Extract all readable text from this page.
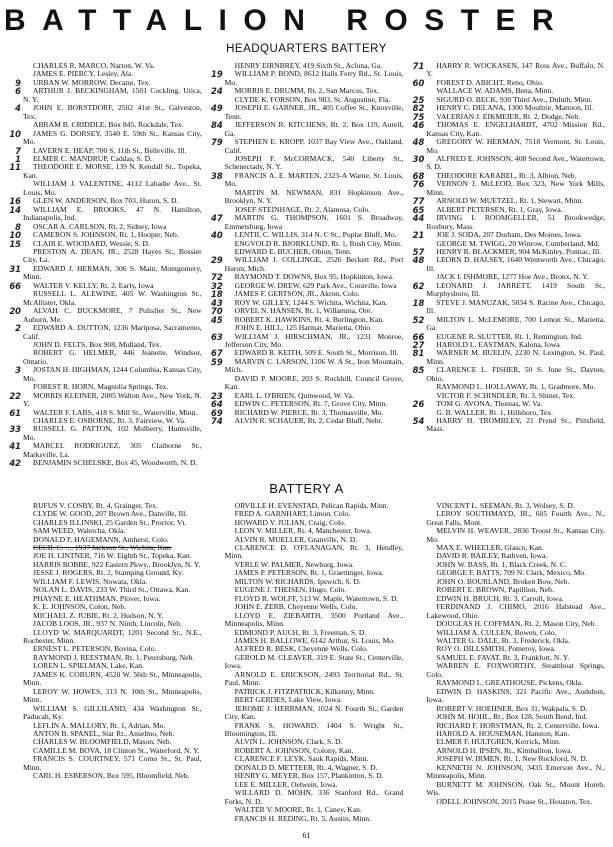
BATTALION ROSTER
HEADQUARTERS BATTERY

CHARLES R. MARCO, Narton, W. Va.

JAMES E. PIERCY, Lesley, Ala.

9 URBAN W. MORROW, Decatur, Tex.

6 ARTHUR J. BECKINGHAM, 1501 Cockling, Utica, N. Y.

4 JOHN E. BORSTDORF, 2502 41st St., Galveston, Tex.

ABRAM B. CRIDDLE, Box 845, Rockdale, Tex.

10 JAMES G. DORSEY, 3540 E. 59th St., Kansas City, Mo.

7 LAVERN E. HEAP, 700 S. 11th St., Belleville, Ill.

1 ELMER C. MANDRUP, Caddas, S. D.

11 THEODORE E. MORSE, 139 N. Kendall St., Topeka, Kan.

WILLIAM J. VALENTINE, 4112 Labadie Ave., St. Louis, Mo.

16 GLEN W. ANDERSON, Box 703, Huron, S. D.

14 WILLIAM E. BROOKS, 47 N. Hamilton, Indianapolis, Ind.

8 OSCAR A. CARLSON, Rt. 2, Sidney, Iowa

10 CAMERON S. JOHNSON, Rt. 1, Hooper, Neb.

15 CLAIR E. WOODARD, Wessie, S. D.

PRESTON A. DEAN, JR., 2528 Hayes St., Bossier City, La.

31 EDWARD J. HERMAN, 306 S. Main, Montgomery, Minn.

66 WALTER V. KELLY, Rt. 2, Early, Iowa

RUSSELL L. ALEWINE, 405 W. Washington St., McAllister, Okla.

20 ALVAH C. BUCKMORE, 7 Pulisfier St., New Auburn, Me.

2 EDWARD A. DUTTON, 1236 Mariposa, Sacramento, Calif.

JOHN D. FELTS, Box 908, Midland, Tex.

ROBERT G. HELMER, 446 Jeanette, Windsor, Ontario.

3 JOSTAN H. HIGHMAN, 1244 Columbia, Kansas City, Mo.

FOREST R. HORN, Magnolia Springs, Tex.

22 MORRIS KLEINER, 2085 Walton Ave., New York, N. Y.

61 WALTER F. LABS, 418 S. Mill St., Waterville, Minn.

CHARLES E. OSBORNE, Rt. 3, Fairview, W. Va.

33 RUSSELL G. PATTON, 102 Mulberry, Huntsville, Mo.

41 MARCEL RODRIGUEZ, 305 Claiborne St., Marksville, La.

42 BENJAMIN SCHELSKE, Box 45, Woodworth, N. D.

HENRY EIRNBREY, 419 Sixth St., Acluna, Ga.

19 WILLIAM P. BOND, 8612 Halls Ferry Rd., St. Louis, Mo.

24 MORRIS E. DRUMM, Rt. 2, San Marcos, Tex.

CLYDE K. FORSON, Box 983, St. Augustine, Fla.

49 JOSEPH E. GARNER, JR., 405 Coffee St., Knoxville, Tenn.

84 JEFFERSON R. KITCHENS, Rt. 2, Box 119, Aurell, Ga.

79 STEPHEN E. KROPP, 1037 Bay View Ave., Oakland, Calif.

JOSEPH F. McCORMACK, 540 Liberty St., Schenectady, N. Y.

38 FRANCIS A. E. MARTEN, 2323-A Warne, St. Louis, Mo.

MARTIN M. NEWMAN, 831 Hopkinson Ave., Brooklyn, N. Y.

JOSEF STEINHAGE, Rt. 2, Alamosa, Colo.

47 MARTIN G. THOMPSON, 1601 S. Broadway, Emmetsburg, Iowa

40 LENTIL C. WILLIS, 314 N. C St., Poplar Bluff, Mo.

ENGVOLD R. BJORKLUND, Rt. 1, Rush City, Minn.

EDWARD E. BUCHER, Obion, Tenn.

29 WILLIAM J. COLLINGE, 2526 Beckett Rd., Port Huron, Mich.

72 RAYMOND T. DOWNS, Box 95, Hopkinton, Iowa.

32 GEORGE W. DREW, 629 Park Ave., Coraville, Iowa

18 JAMES F. GERTSON, JR., Akron, Colo.

43 ROY W. GILLEY, 1244 S. Wichita, Wichita, Kan.

70 ORVEL N. HANSEN, Rt. 1, Willamina, Ore.

45 ROBERT K. HAWKINS, Rt. 4, Burlington, Kan.

JOHN E. HILL, 125 Harmar, Marietta, Ohio.

63 WILLIAM J. HIRSCHMAN, JR., 1231 Monroe, Jefferson City, Mo.

67 EDWARD R. KEITH, 509 E. South St., Morrison, Ill.

59 MARVIN C. LARSON, 1106 W. A St., Iron Mountain, Mich.

DAVID P. MOORE, 203 S. Rockhill, Council Grove, Kan.

23 EARL L. O'BRIEN, Quinwood, W. Va.

64 EDWIN C. PETERSON, Rt. 7, Grove City, Minn.

69 RICHARD W. PIERCE, Rt. 3, Thomasville, Mo.

74 ALVIN R. SCHAUER, Rt. 2, Cedar Bluff, Nebr.

71 HARRY R. WOCKASEN, 147 Ross Ave., Buffalo, N. Y.

60 FOREST D. ABICHT, Reno, Ohio.

WALLACE W. ADAMS, Bena, Minn.

25 SIGURD O. BECK, 930 Third Ave., Duluth, Minn.

82 HENRY C. DELANA, 1300 Moultrie, Mattoon, Ill.

75 VALERIAN J. EIKMEIER, Rt. 2, Dodge, Neb.

46 THOMAS E. ENGELHARDT, 4702 Mission Rd., Kansas City, Kan.

48 GREGORY W. HERMAN, 7518 Vermont, St. Louis, Mo.

30 ALFRED E. JOHNSON, 408 Second Ave., Watertown, S. D.

68 THEODORE KARABEL, Rt. 3, Albion, Neb.

76 VERNON J. McLEOD, Box 323, New York Mills, Minn.

77 ARNOLD W. MUETZEL, Rt. 1, Stewart, Minn.

65 ALBERT PETERSEN, Rt. 1, Gray, Iowa.

44 IRVING I. ROOMGELLER, 51 Brookwedge, Roxbury, Mass.

21 JOE J. SODA, 207 Durham, Des Moines, Iowa.

GEORGE M. TWIGG, 20 Winrow, Cumberland, Md.

57 HENRY R. BLACKMER, 904 McKinley, Pontiac, Ill.

48 LEORN D. HALSEY, 1640 Wentworth Ave., Chicago, Ill.

JACK I. ISHMORE, 1277 Hoe Ave., Bronx, N. Y.

62 LEONARD J. JARRETT, 1419 South St., Murphysboro, Ill.

18 STEVE J. MANUZAK, 5034 S. Racine Ave., Chicago, Ill.

52 MILTON L. McLEMORE, 700 Lemon St., Marietta, Ga.

66 EUGENE R. SLUTTER, Rt. 1, Remington, Ind.

27 HAROLD L. EASTMAN, Kalona, Iowa

81 WARNER M. BUELIN, 2230 N. Lexington, St. Paul, Minn.

85 CLARENCE L. FISHER, 50 S. June St., Dayton, Ohio.

RAYMOND L. HOLLAWAY, Rt. 1, Gradmore, Mo.

VICTOR F. SCHINDLER, Rt. 3, Shiner, Tex.

26 TOM G. AVONA, Thomas, W. Va.

G. B. WALLER, Rt. 1, Hillsboro, Tex.

54 HARRY H. TROMBLEY, 21 Prend St., Pittsfield, Mass.

BATTERY A

RUFUS V. COSBY, Rt. 4, Grainger, Tex.

CLYDE W. GOOD, 207 Brown Ave., Danville, Ill.

CHARLES ILLINSKI, 25 Garden St., Proctor, Vt.

SAM WEED, Waletcha, Okla.

DONALD F. HAGEMANN, Amherst, Colo.

CECIL C. ..., 1937 Jackson St., Wichita, Kan.

JOE H. LINTNER, 716 W. Eighth St., Topeka, Kan.

HARRIS ROBBE, 922 Eastern Pkwy., Brooklyn, N. Y.

JESSE J. ROGERS, Rt. 2, Stamping Ground, Ky.

WILLIAM F. LEWIS, Nowata, Okla.

NOLAN L. DAVIS, 233 W. Third St., Ottawa, Kan.

PHAYNE E. HEATHMAN, Plover, Iowa.

K. E. JOHNSON, Colon, Neb.

MICHAEL Z. JUBIE, Rt. 2, Hudson, N. Y.

JACOB LOOS, JR., 937 N. Ninth, Lincoln, Neb.

LLOYD W. MARQUARDT, 1201 Second St., N.E., Rochester, Minn.

ERNEST L. PETERSON, Bovina, Colo.

RAYMOND J. REESTMAN, Rt. 1, Petersburg, Neb.

LOREN L. SPIELMAN, Lake, Kan.

JAMES K. COBURN, 4520 W. 56th St., Minneapolis, Minn.

LEROY W. HOWES, 313 N. 10th St., Minneapolis, Minn.

WILLIAM S. GILLILAND, 434 Washington St., Paducah, Ky.

LEFLIN A. MALLORY, Rt. 1, Adrian, Mo.

ANTON B. SPANEL, Star Rt., Anselmo, Neb.

CHARLES W. BLOOMFIELD, Mason, Neb.

CAMILLE M. BOVA, 18 Clinton St., Waterford, N. Y.

FRANCIS S. COURTNEY, 571 Como St., St. Paul, Minn.

CARL H. ESBERSON, Box 595, Bloomfield, Neb.

ORVILLE H. EVENSTAD, Pelican Rapids, Minn.

FRED A. GARNHART, Limon, Colo.

HOWARD V. JULIAN, Craig, Colo.

LEON V. MILLER, Rt. 4, Manchester, Iowa.

ALVIN R. MUELLER, Granville, N. D.

CLARENCE D. O'FLANAGAN, Rt. 3, Hendley, Minn.

VERLE W. PALMER, Newburg, Iowa.

JAMES P. PETERSON, Rt. 1, Graettinger, Iowa.

MILTON W. RICHARDS, Ipswich, S. D.

EUGENE J. THEISEN, Hugo, Colo.

FLOYD R. WOLFF, 513 W. Maple, Watertown, S. D.

JOHN E. ZERB, Cheyenne Wells, Colo.

LLOYD E. ZIEBARTH, 3500 Portland Ave., Minneapolis, Minn.

EDMOND P. AUCH, Rt. 3, Freeman, S. D.

JAMES H. BALLOWE, 6142 Arthur, St. Louis, Mo.

ALFRED R. BESK, Cheyenne Wells, Colo.

GEROLD M. CLEAVER, 319 E. State St., Centerville, Iowa.

ARNOLD E. ERICKSON, 2493 Territorial Rd., St. Paul, Minn.

PATRICK J. FITZPATRICK, Kilkenny, Minn.

BERT GERDES, Lake View, Iowa.

JEROME J. HERRMAN, 1024 N. Fourth St., Garden City, Kan.

FRANK S. HOWARD, 1404 S. Wright St., Bloomington, Ill.

ALVIN L. JOHNSON, Clark, S. D.

ROBERT A. JOHNSON, Colony, Kan.

CLARENCE F. LEYK, Sauk Rapids, Minn.

DONALD D. METTEER, Rt. 4, Wagner, S. D.

HENRY G. MEYER, Box 157, Plankinton, S. D.

LEE E. MILLER, Oelwein, Iowa.

WILLARD D. MOHN, 336 Stanford Rd., Grand Forks, N. D.

WALTER V. MOORE, Rt. 1, Caney, Kan.

FRANCIS H. REDING, Rt. 5, Austin, Minn.

VINCENT L. SEEMAN, Rt. 3, Wolsey, S. D.

LEROY SOUTHMAYD, JR., 605 Fourth Ave., N., Great Falls, Mont.

MELVIN H. WEAVER, 2836 Troost St., Kansas City, Mo.

MAX E. WHEELER, Glasco, Kan.

DAVID R. BAILEY, Rathven, Iowa.

JOHN W. BASS, Rt. 1, Black Creek, N. C.

GEORGE F. BATTS, 709 N. Clark, Mexico, Mo.

JOHN O. BOURLAND, Broken Bow, Neb.

ROBERT E. BROWN, Papillion, Neb.

EDWIN H. BRUCH, Rt. 3, Carroll, Iowa.

FERDINAND J. CHIMO, 2016 Halstead Ave., Lakewood, Ohio.

DOUGLAS H. COFFMAN, Rt. 2, Mason City, Neb.

WILLIAM A. CULLEN, Bowen, Colo.

WALTER G. DALE, Rt. 3, Frederick, Okla.

ROY O. DILLSMITH, Pomeroy, Iowa.

SAMUEL E. FAVAT, Rt. 3, Frankfort, N. Y.

WARREN E. FOXWORTHY, Steamboat Springs, Colo.

RAYMOND L. GREATHOUSE, Pickens, Okla.

EDWIN D. HASKINS, 321 Pacific Ave., Audubon, Iowa.

ROBERT V. HOEHNER, Box 31, Wakpala, S. D.

JOHN M. HOHL, Rt., Box 128, South Bend, Ind.

RICHARD F. HORSTMAN, Rt. 2, Centerville, Iowa.

HAROLD A. HOUSEMAN, Hanston, Kan.

ELMER F. HULTGREN, Kerrick, Minn.

ARNOLD H. IPSEN, Rt., Kimballton, Iowa.

JOSEPH W. IRMEN, Rt. 1, New Rockford, N. D.

KENNETH N. JOHNSON, 3435 Emerson Ave., N., Minneapolis, Minn.

BURNETT M. JOHNSON, Oak St., Mount Horeb, Wis.

ODELL JOHNSON, 2015 Pease St., Houston, Tex.

61
